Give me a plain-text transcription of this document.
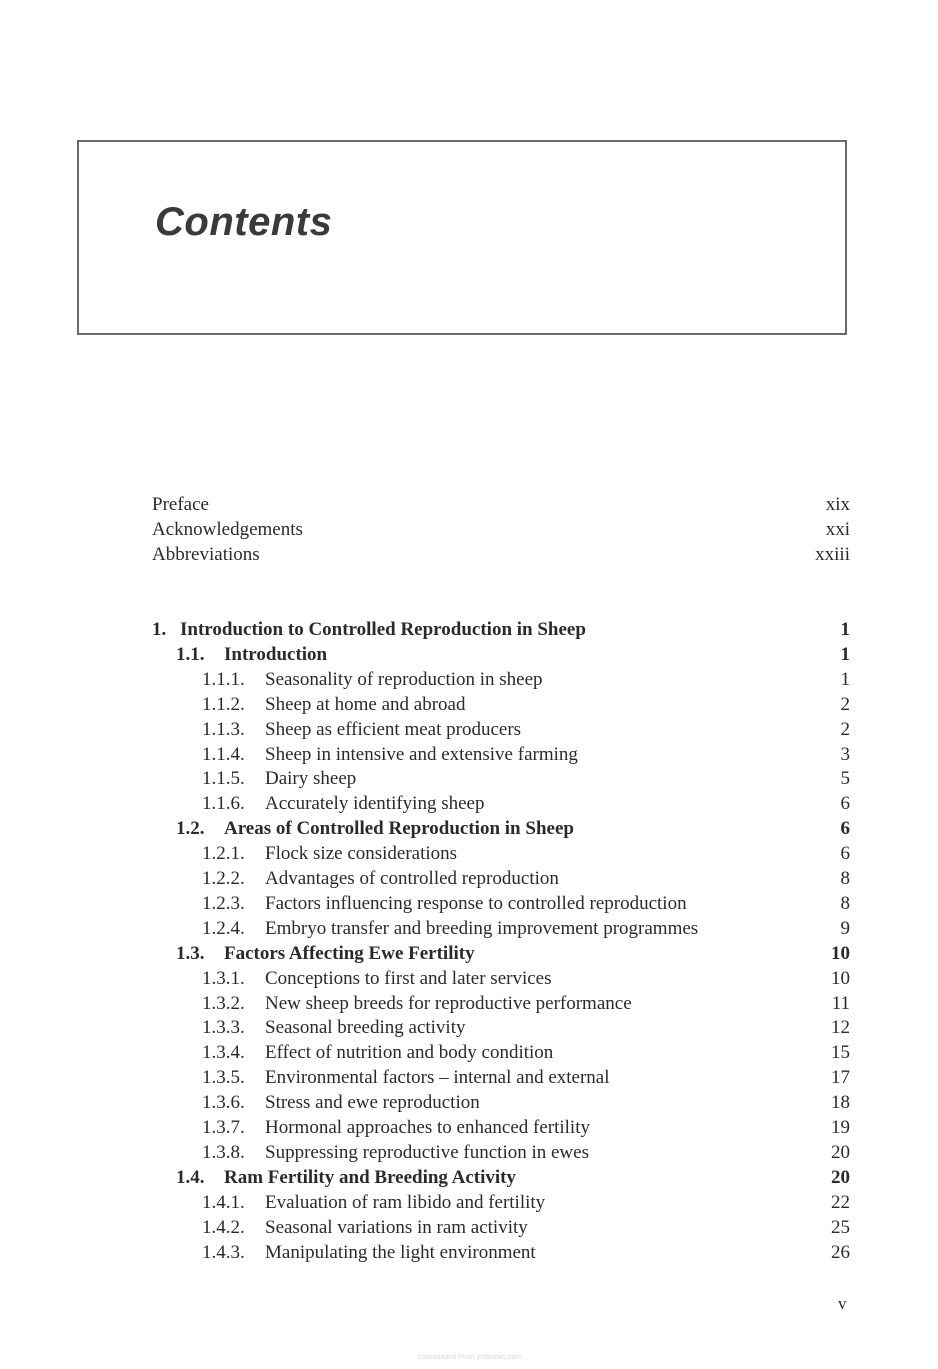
Contents
Preface	xix
Acknowledgements	xxi
Abbreviations	xxiii
1. Introduction to Controlled Reproduction in Sheep	1
1.1. Introduction	1
1.1.1. Seasonality of reproduction in sheep	1
1.1.2. Sheep at home and abroad	2
1.1.3. Sheep as efficient meat producers	2
1.1.4. Sheep in intensive and extensive farming	3
1.1.5. Dairy sheep	5
1.1.6. Accurately identifying sheep	6
1.2. Areas of Controlled Reproduction in Sheep	6
1.2.1. Flock size considerations	6
1.2.2. Advantages of controlled reproduction	8
1.2.3. Factors influencing response to controlled reproduction	8
1.2.4. Embryo transfer and breeding improvement programmes	9
1.3. Factors Affecting Ewe Fertility	10
1.3.1. Conceptions to first and later services	10
1.3.2. New sheep breeds for reproductive performance	11
1.3.3. Seasonal breeding activity	12
1.3.4. Effect of nutrition and body condition	15
1.3.5. Environmental factors – internal and external	17
1.3.6. Stress and ewe reproduction	18
1.3.7. Hormonal approaches to enhanced fertility	19
1.3.8. Suppressing reproductive function in ewes	20
1.4. Ram Fertility and Breeding Activity	20
1.4.1. Evaluation of ram libido and fertility	22
1.4.2. Seasonal variations in ram activity	25
1.4.3. Manipulating the light environment	26
v
Downloaded From VetBooks.com
